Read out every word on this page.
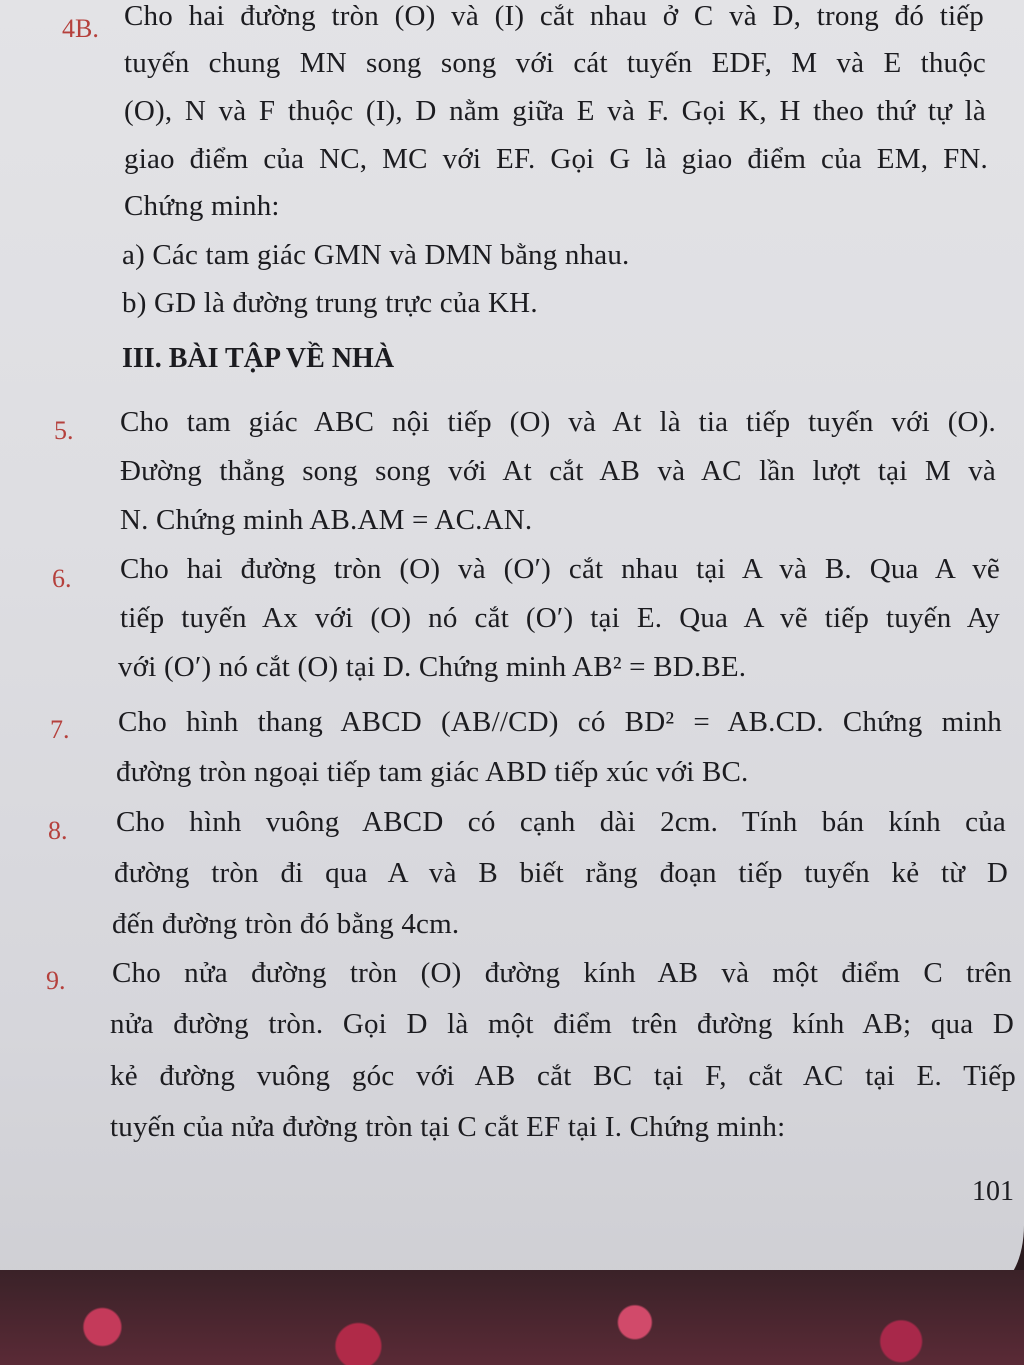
4B. Cho hai đường tròn (O) và (I) cắt nhau ở C và D, trong đó tiếp
tuyến chung MN song song với cát tuyến EDF, M và E thuộc
(O), N và F thuộc (I), D nằm giữa E và F. Gọi K, H theo thứ tự là
giao điểm của NC, MC với EF. Gọi G là giao điểm của EM, FN.
Chứng minh:
a) Các tam giác GMN và DMN bằng nhau.
b) GD là đường trung trực của KH.
III. BÀI TẬP VỀ NHÀ
5. Cho tam giác ABC nội tiếp (O) và At là tia tiếp tuyến với (O).
Đường thẳng song song với At cắt AB và AC lần lượt tại M và
N. Chứng minh AB.AM = AC.AN.
6. Cho hai đường tròn (O) và (O′) cắt nhau tại A và B. Qua A vẽ
tiếp tuyến Ax với (O) nó cắt (O′) tại E. Qua A vẽ tiếp tuyến Ay
với (O′) nó cắt (O) tại D. Chứng minh AB² = BD.BE.
7. Cho hình thang ABCD (AB//CD) có BD² = AB.CD. Chứng minh
đường tròn ngoại tiếp tam giác ABD tiếp xúc với BC.
8. Cho hình vuông ABCD có cạnh dài 2cm. Tính bán kính của
đường tròn đi qua A và B biết rằng đoạn tiếp tuyến kẻ từ D
đến đường tròn đó bằng 4cm.
9. Cho nửa đường tròn (O) đường kính AB và một điểm C trên
nửa đường tròn. Gọi D là một điểm trên đường kính AB; qua D
kẻ đường vuông góc với AB cắt BC tại F, cắt AC tại E. Tiếp
tuyến của nửa đường tròn tại C cắt EF tại I. Chứng minh:
101
